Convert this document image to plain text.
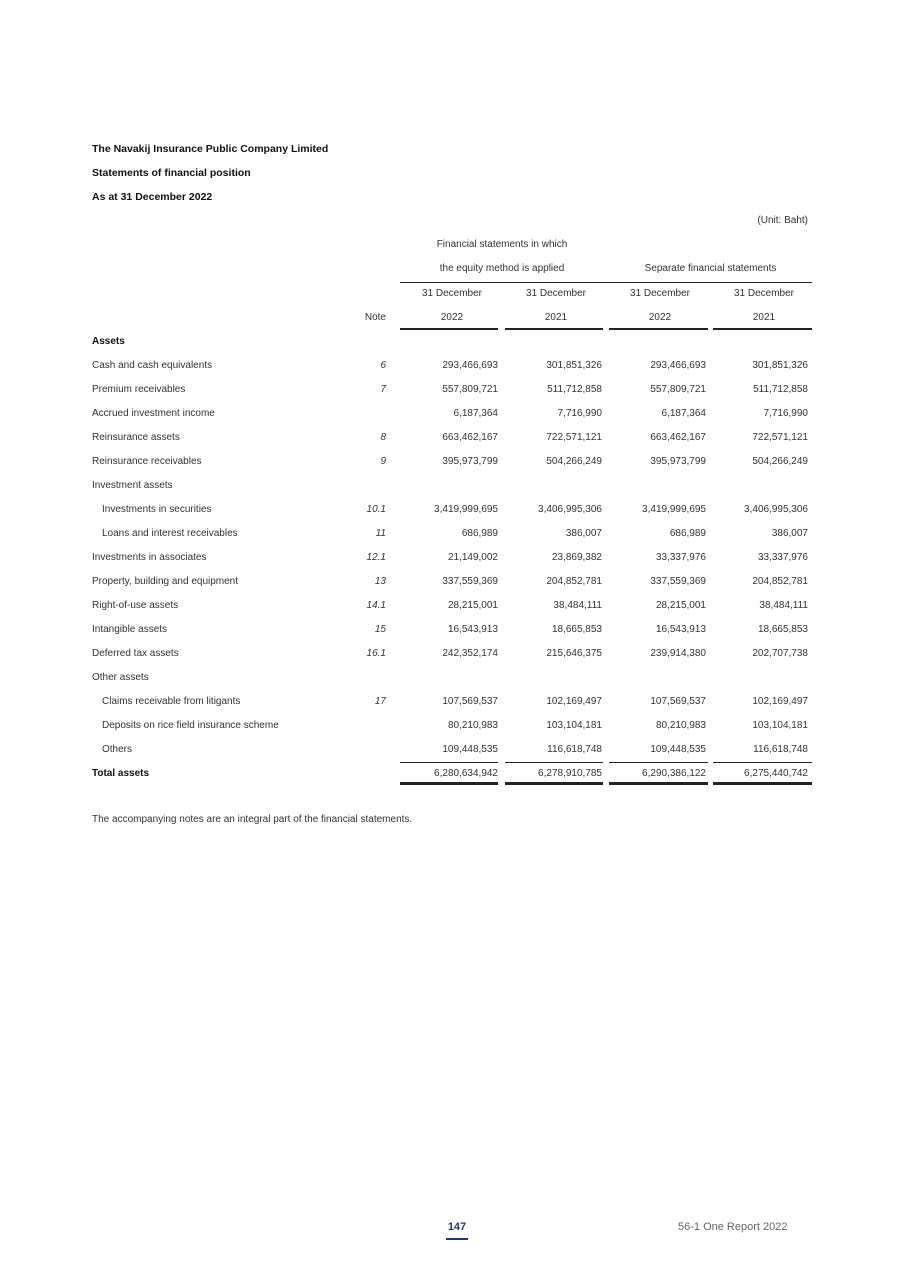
The Navakij Insurance Public Company Limited
Statements of financial position
As at 31 December 2022
(Unit: Baht)
Financial statements in which
the equity method is applied	Separate financial statements
31 December	31 December	31 December	31 December
Note	2022	2021	2022	2021
Assets
Cash and cash equivalents	6	293,466,693	301,851,326	293,466,693	301,851,326
Premium receivables	7	557,809,721	511,712,858	557,809,721	511,712,858
Accrued investment income	6,187,364	7,716,990	6,187,364	7,716,990
Reinsurance assets	8	663,462,167	722,571,121	663,462,167	722,571,121
Reinsurance receivables	9	395,973,799	504,266,249	395,973,799	504,266,249
Investment assets
Investments in securities	10.1	3,419,999,695	3,406,995,306	3,419,999,695	3,406,995,306
Loans and interest receivables	11	686,989	386,007	686,989	386,007
Investments in associates	12.1	21,149,002	23,869,382	33,337,976	33,337,976
Property, building and equipment	13	337,559,369	204,852,781	337,559,369	204,852,781
Right-of-use assets	14.1	28,215,001	38,484,111	28,215,001	38,484,111
Intangible assets	15	16,543,913	18,665,853	16,543,913	18,665,853
Deferred tax assets	16.1	242,352,174	215,646,375	239,914,380	202,707,738
Other assets
Claims receivable from litigants	17	107,569,537	102,169,497	107,569,537	102,169,497
Deposits on rice field insurance scheme	80,210,983	103,104,181	80,210,983	103,104,181
Others	109,448,535	116,618,748	109,448,535	116,618,748
Total assets	6,280,634,942	6,278,910,785	6,290,386,122	6,275,440,742
The accompanying notes are an integral part of the financial statements.
147	56-1 One Report 2022
